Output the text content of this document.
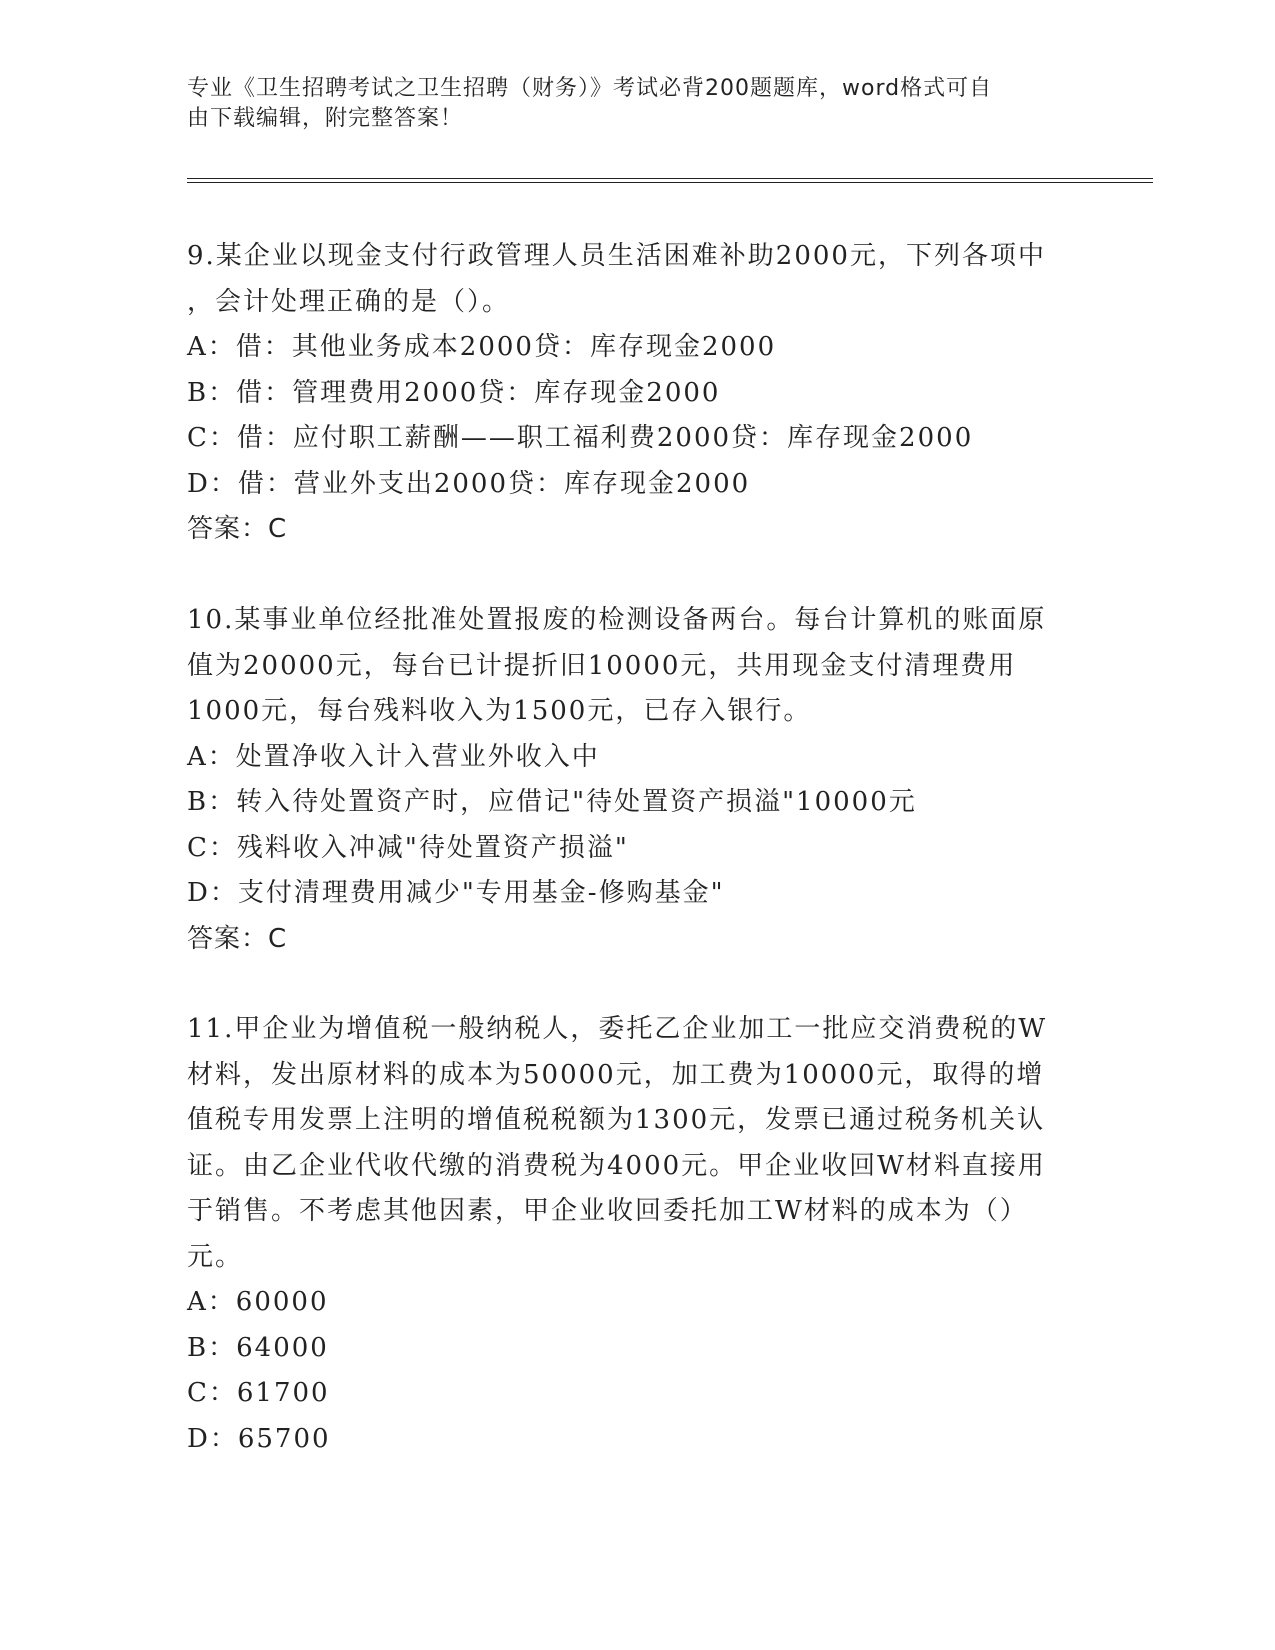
专业《卫生招聘考试之卫生招聘（财务）》考试必背200题题库，word格式可自
由下载编辑，附完整答案！
9.某企业以现金支付行政管理人员生活困难补助2000元，下列各项中
，会计处理正确的是（）。
A：借：其他业务成本2000贷：库存现金2000
B：借：管理费用2000贷：库存现金2000
C：借：应付职工薪酬——职工福利费2000贷：库存现金2000
D：借：营业外支出2000贷：库存现金2000
答案：C
10.某事业单位经批准处置报废的检测设备两台。每台计算机的账面原
值为20000元，每台已计提折旧10000元，共用现金支付清理费用
1000元，每台残料收入为1500元，已存入银行。
A：处置净收入计入营业外收入中
B：转入待处置资产时，应借记"待处置资产损溢"10000元
C：残料收入冲减"待处置资产损溢"
D：支付清理费用减少"专用基金-修购基金"
答案：C
11.甲企业为增值税一般纳税人，委托乙企业加工一批应交消费税的W
材料，发出原材料的成本为50000元，加工费为10000元，取得的增
值税专用发票上注明的增值税税额为1300元，发票已通过税务机关认
证。由乙企业代收代缴的消费税为4000元。甲企业收回W材料直接用
于销售。不考虑其他因素，甲企业收回委托加工W材料的成本为（）
元。
A：60000
B：64000
C：61700
D：65700
